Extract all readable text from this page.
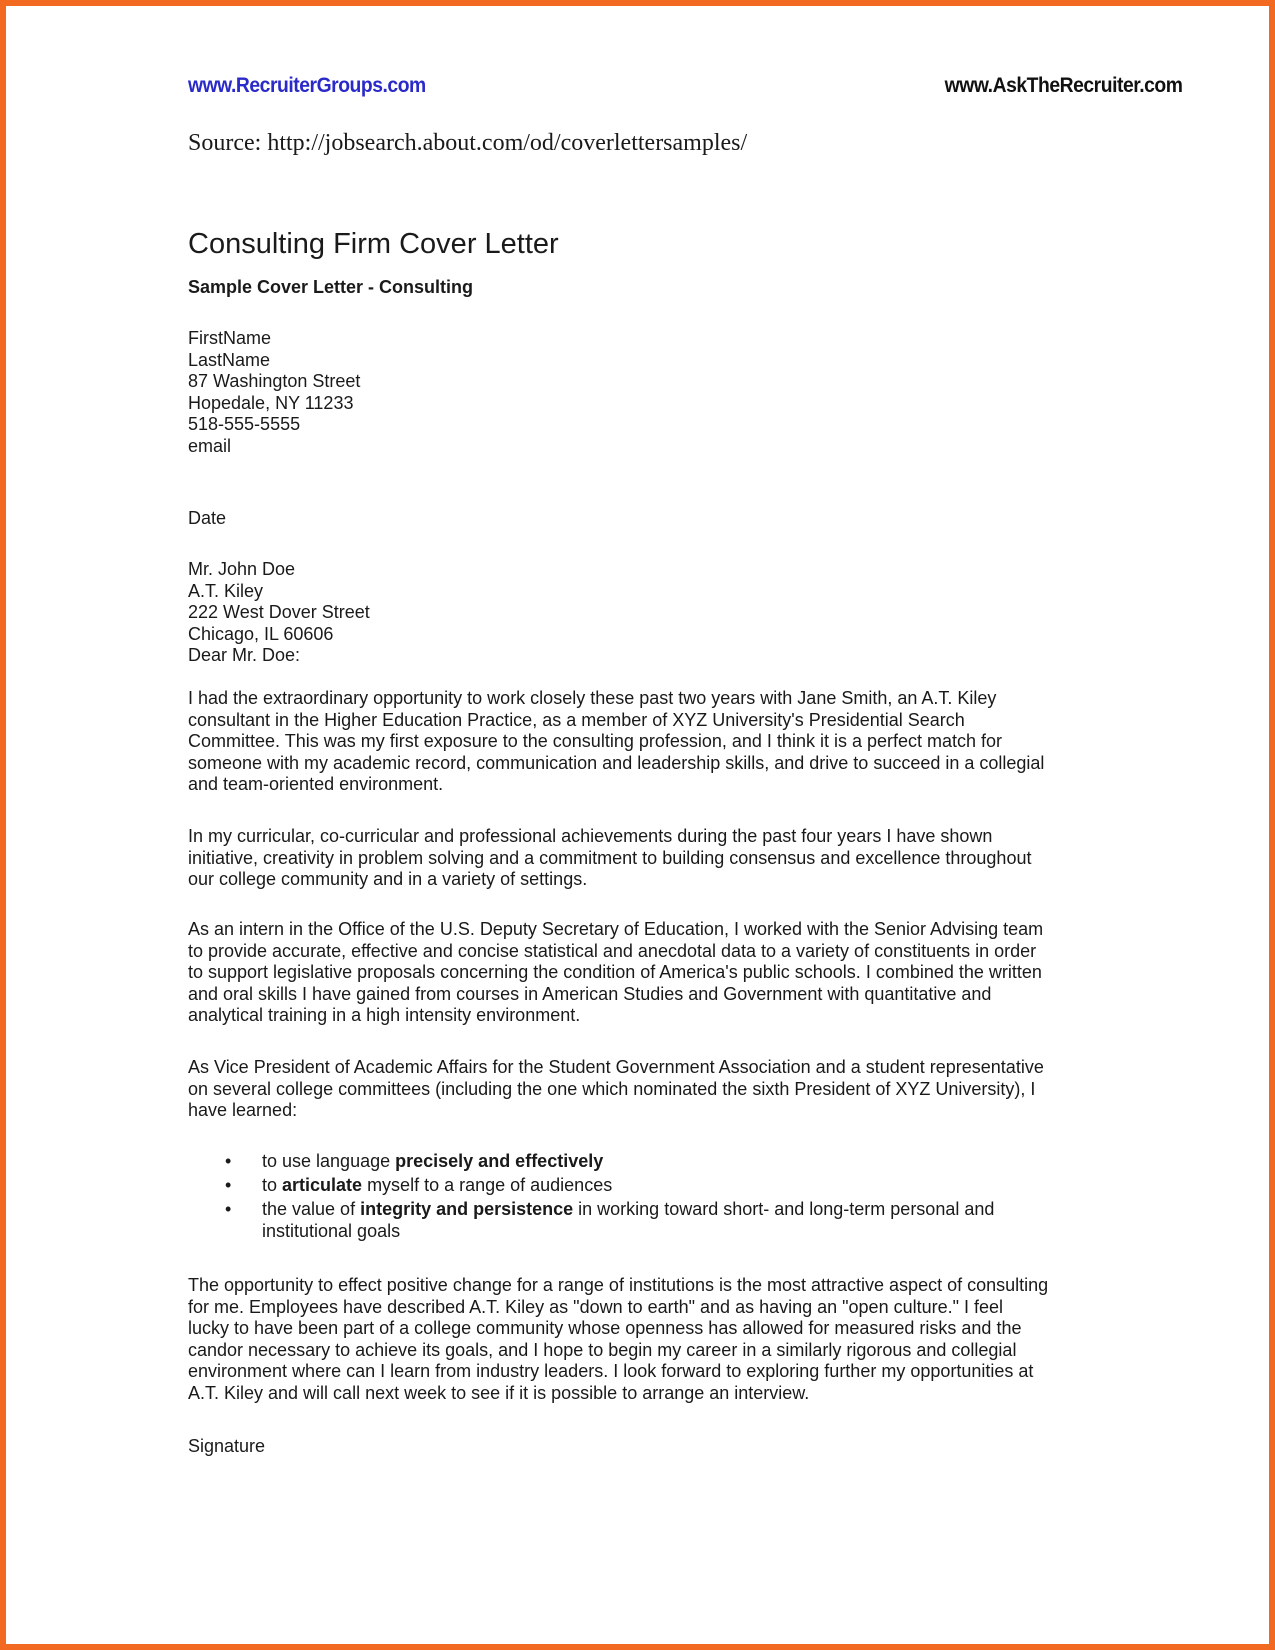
www.RecruiterGroups.com	www.AskTheRecruiter.com
Source: http://jobsearch.about.com/od/coverlettersamples/
Consulting Firm Cover Letter
Sample Cover Letter - Consulting
FirstName
LastName
87 Washington Street
Hopedale, NY 11233
518-555-5555
email
Date
Mr. John Doe
A.T. Kiley
222 West Dover Street
Chicago, IL 60606
Dear Mr. Doe:
I had the extraordinary opportunity to work closely these past two years with Jane Smith, an A.T. Kiley
consultant in the Higher Education Practice, as a member of XYZ University's Presidential Search
Committee. This was my first exposure to the consulting profession, and I think it is a perfect match for
someone with my academic record, communication and leadership skills, and drive to succeed in a collegial
and team-oriented environment.
In my curricular, co-curricular and professional achievements during the past four years I have shown
initiative, creativity in problem solving and a commitment to building consensus and excellence throughout
our college community and in a variety of settings.
As an intern in the Office of the U.S. Deputy Secretary of Education, I worked with the Senior Advising team
to provide accurate, effective and concise statistical and anecdotal data to a variety of constituents in order
to support legislative proposals concerning the condition of America's public schools. I combined the written
and oral skills I have gained from courses in American Studies and Government with quantitative and
analytical training in a high intensity environment.
As Vice President of Academic Affairs for the Student Government Association and a student representative
on several college committees (including the one which nominated the sixth President of XYZ University), I
have learned:
• to use language precisely and effectively
• to articulate myself to a range of audiences
• the value of integrity and persistence in working toward short- and long-term personal and
institutional goals
The opportunity to effect positive change for a range of institutions is the most attractive aspect of consulting
for me. Employees have described A.T. Kiley as "down to earth" and as having an "open culture." I feel
lucky to have been part of a college community whose openness has allowed for measured risks and the
candor necessary to achieve its goals, and I hope to begin my career in a similarly rigorous and collegial
environment where can I learn from industry leaders. I look forward to exploring further my opportunities at
A.T. Kiley and will call next week to see if it is possible to arrange an interview.
Signature
